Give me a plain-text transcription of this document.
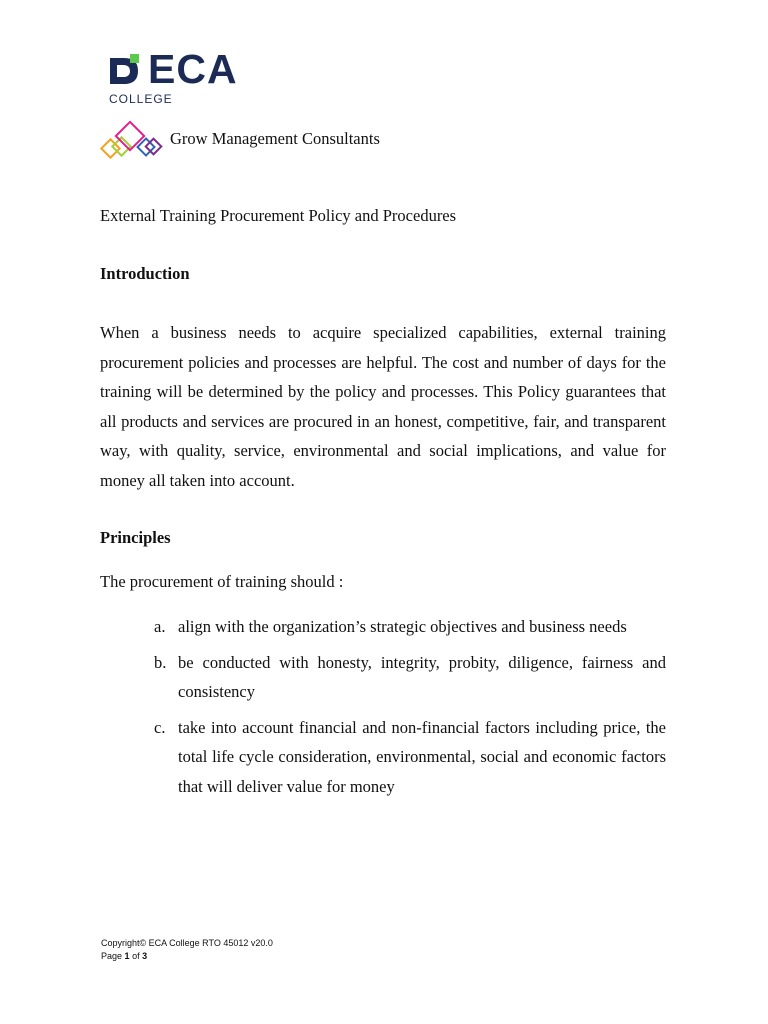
ECA
COLLEGE
Grow Management Consultants
External Training Procurement Policy and Procedures
Introduction

When a business needs to acquire specialized capabilities, external training procurement policies and processes are helpful. The cost and number of days for the training will be determined by the policy and processes. This Policy guarantees that all products and services are procured in an honest, competitive, fair, and transparent way, with quality, service, environmental and social implications, and value for money all taken into account.

Principles

The procurement of training should :

a. align with the organization’s strategic objectives and business needs
b. be conducted with honesty, integrity, probity, diligence, fairness and consistency
c. take into account financial and non-financial factors including price, the total life cycle consideration, environmental, social and economic factors that will deliver value for money
Copyright© ECA College RTO 45012 v20.0
Page 1 of 3
